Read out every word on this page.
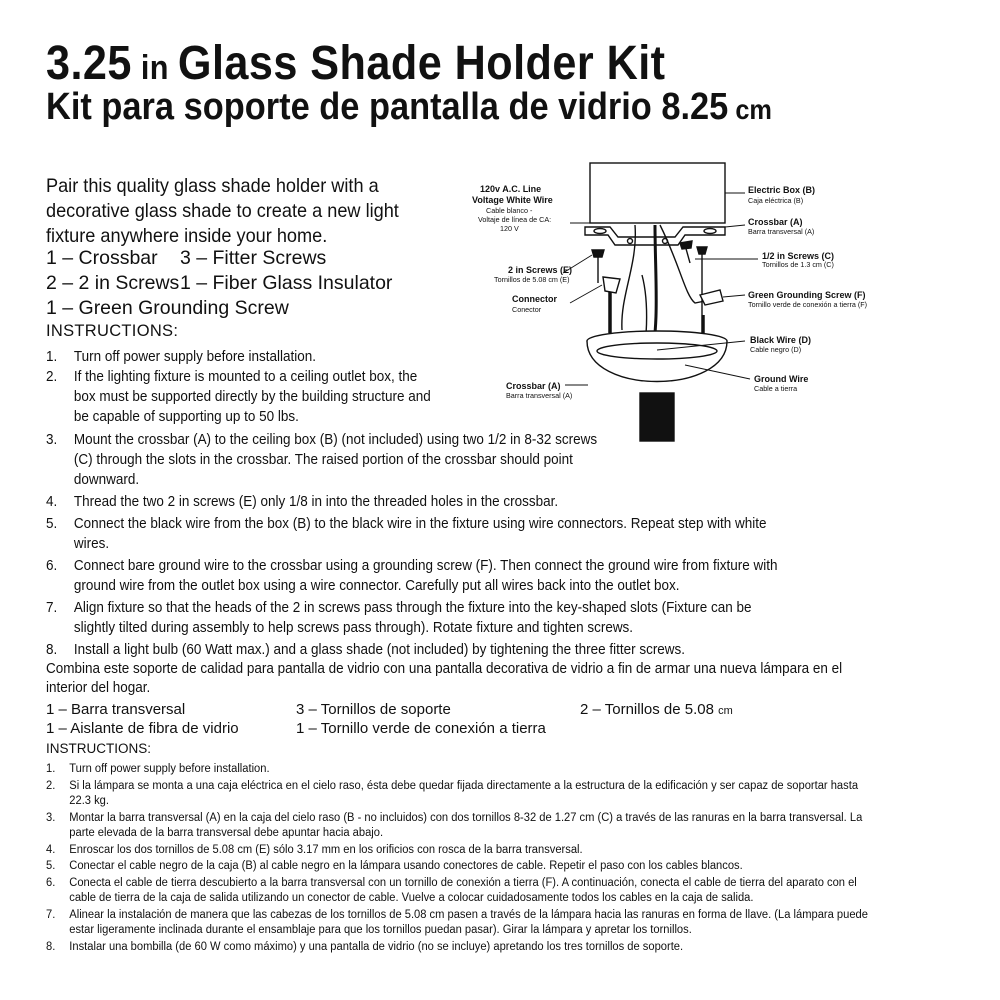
3.25 in Glass Shade Holder Kit
Kit para soporte de pantalla de vidrio 8.25 cm
Pair this quality glass shade holder with a decorative glass shade to create a new light fixture anywhere inside your home.
1 – Crossbar 3 – Fitter Screws
2 – 2 in Screws 1 – Fiber Glass Insulator
1 – Green Grounding Screw
INSTRUCTIONS:
1. Turn off power supply before installation.
2. If the lighting fixture is mounted to a ceiling outlet box, the box must be supported directly by the building structure and be capable of supporting up to 50 lbs.
3. Mount the crossbar (A) to the ceiling box (B) (not included) using two 1/2 in 8-32 screws (C) through the slots in the crossbar. The raised portion of the crossbar should point downward.
4. Thread the two 2 in screws (E) only 1/8 in into the threaded holes in the crossbar.
5. Connect the black wire from the box (B) to the black wire in the fixture using wire connectors. Repeat step with white wires.
6. Connect bare ground wire to the crossbar using a grounding screw (F). Then connect the ground wire from fixture with ground wire from the outlet box using a wire connector. Carefully put all wires back into the outlet box.
7. Align fixture so that the heads of the 2 in screws pass through the fixture into the key-shaped slots (Fixture can be slightly tilted during assembly to help screws pass through). Rotate fixture and tighten screws.
8. Install a light bulb (60 Watt max.) and a glass shade (not included) by tightening the three fitter screws.
Combina este soporte de calidad para pantalla de vidrio con una pantalla decorativa de vidrio a fin de armar una nueva lámpara en el interior del hogar.
1 – Barra transversal	3 – Tornillos de soporte	2 – Tornillos de 5.08 cm
1 – Aislante de fibra de vidrio	1 – Tornillo verde de conexión a tierra
INSTRUCTIONS:
1. Turn off power supply before installation.
2. Si la lámpara se monta a una caja eléctrica en el cielo raso, ésta debe quedar fijada directamente a la estructura de la edificación y ser capaz de soportar hasta 22.3 kg.
3. Montar la barra transversal (A) en la caja del cielo raso (B - no incluidos) con dos tornillos 8-32 de 1.27 cm (C) a través de las ranuras en la barra transversal. La parte elevada de la barra transversal debe apuntar hacia abajo.
4. Enroscar los dos tornillos de 5.08 cm (E) sólo 3.17 mm en los orificios con rosca de la barra transversal.
5. Conectar el cable negro de la caja (B) al cable negro en la lámpara usando conectores de cable. Repetir el paso con los cables blancos.
6. Conecta el cable de tierra descubierto a la barra transversal con un tornillo de conexión a tierra (F). A continuación, conecta el cable de tierra del aparato con el cable de tierra de la caja de salida utilizando un conector de cable. Vuelve a colocar cuidadosamente todos los cables en la caja de salida.
7. Alinear la instalación de manera que las cabezas de los tornillos de 5.08 cm pasen a través de la lámpara hacia las ranuras en forma de llave. (La lámpara puede estar ligeramente inclinada durante el ensamblaje para que los tornillos puedan pasar). Girar la lámpara y apretar los tornillos.
8. Instalar una bombilla (de 60 W como máximo) y una pantalla de vidrio (no se incluye) apretando los tres tornillos de soporte.
120v A.C. Line
Voltage White Wire
Cable blanco -
Voltaje de línea de CA:
120 V
Electric Box (B)
Caja eléctrica (B)
Crossbar (A)
Barra transversal (A)
1/2 in Screws (C)
Tornillos de 1.3 cm (C)
2 in Screws (E)
Tornillos de 5.08 cm (E)
Green Grounding Screw (F)
Tornillo verde de conexión a tierra (F)
Connector
Conector
Black Wire (D)
Cable negro (D)
Ground Wire
Cable a tierra
Crossbar (A)
Barra transversal (A)
